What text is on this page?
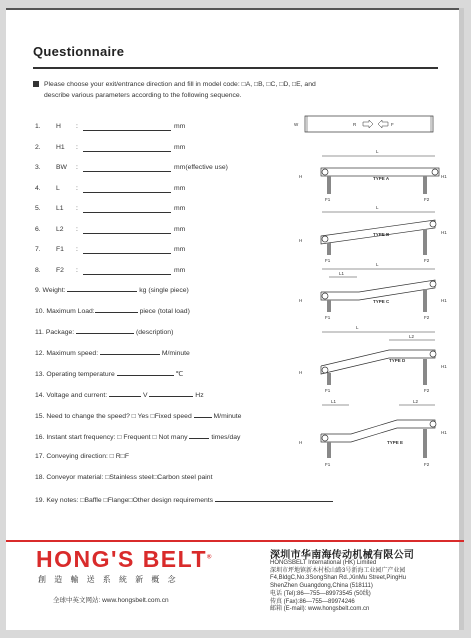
Questionnaire
Please choose your exit/entrance direction and fill in model code: □A, □B, □C, □D, □E, and
describe various parameters according to the following sequence.
1. H :	mm
2. H1 :	mm
3. BW :	mm(effective use)
4. L :	mm
5. L1 :	mm
6. L2 :	mm
7. F1 :	mm
8. F2 :	mm
9. Weight:	kg (single piece)
10. Maximum Load:	piece (total load)
11. Package:	(description)
12. Maximum speed:	M/minute
13. Operating temperature	℃
14. Voltage and current:	V	Hz
15. Need to change the speed? □ Yes □Fixed speed	M/minute
16. Instant start frequency: □ Frequent □ Not many	times/day
17. Conveying direction: □ R□F
18. Conveyor material: □Stainless steel□Carbon steel paint
19. Key notes: □Baffle □Flange□Other design requirements
W	R	F
L
TYPE A
H	H1
F1	F2
L
TYPE B
H
H1
F1	F2
L
L1
TYPE C
H	H1
F1	F2
L
L2
TYPE D
H
H1
F1	F2
L1	L2
TYPE E
H
H1
F1	F2
HONG'S BELT®
創造輸送系統新概念
全球中英文网站: www.hongsbelt.com.cn
深圳市华南海传动机械有限公司
HONGSBELT International (HK) Limited
深圳市坪地镇新木村松山路3号新海工业园广产业园
F4,BldgC,No.3SongShan Rd.,XinMu Street,PingHu
ShenZhen Guangdong,China (518111)
电话 (Tel):86—755—89973545 (50线)
传真 (Fax):86—755—89974246
邮箱 (E-mail): www.hongsbelt.com.cn
